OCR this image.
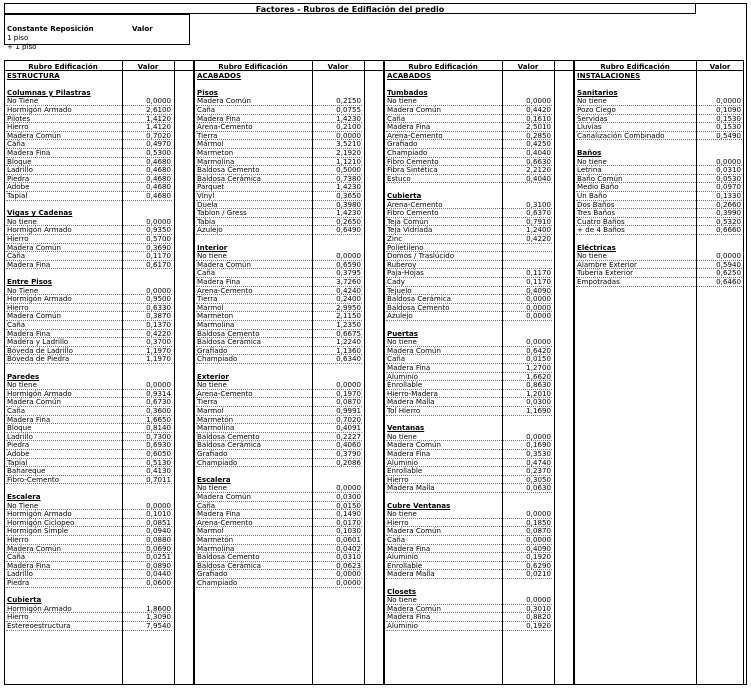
Factores - Rubros de Edifiación del predio
Constante Reposición	Valor
1 piso
+ 1 piso
Rubro Edificación	Valor
ESTRUCTURA
Columnas y Pilastras
No Tiene	0,0000
Hormigón Armado	2,6100
Pilotes	1,4120
Hierro	1,4120
Madera Común	0,7020
Caña	0,4970
Madera Fina	0,5300
Bloque	0,4680
Ladrillo	0,4680
Piedra	0,4680
Adobe	0,4680
Tapial	0,4680
Vigas y Cadenas
No tiene	0,0000
Hormigón Armado	0,9350
Hierro	0,5700
Madera Común	0,3690
Caña	0,1170
Madera Fina	0,6170
Entre Pisos
No Tiene	0,0000
Hormigón Armado	0,9500
Hierro	0,6330
Madera Común	0,3870
Caña	0,1370
Madera Fina	0,4220
Madera y Ladrillo	0,3700
Bóveda de Ladrillo	1,1970
Bóveda de Piedra	1,1970
Paredes
No tiene	0,0000
Hormigón Armado	0,9314
Madera Común	0,6730
Caña	0,3600
Madera Fina	1,6650
Bloque	0,8140
Ladrillo	0,7300
Piedra	0,6930
Adobe	0,6050
Tapial	0,5130
Bahareque	0,4130
Fibro-Cemento	0,7011
Escalera
No Tiene	0,0000
Hormigón Armado	0,1010
Hormigón Ciclopeo	0,0851
Hormigón Simple	0,0940
Hierro	0,0880
Madera Común	0,0690
Caña	0,0251
Madera Fina	0,0890
Ladrillo	0,0440
Piedra	0,0600
Cubierta
Hormigón Armado	1,8600
Hierro	1,3090
Estereoestructura	7,9540
Rubro Edificación	Valor
ACABADOS
Pisos
Madera Común	0,2150
Caña	0,0755
Madera Fina	1,4230
Arena-Cemento	0,2100
Tierra	0,0000
Mármol	3,5210
Marmeton	2,1920
Marmolina	1,1210
Baldosa Cemento	0,5000
Baldosa Cerámica	0,7380
Parquet	1,4230
Vinyl	0,3650
Duela	0,3980
Tablon / Gress	1,4230
Tabla	0,2650
Azulejo	0,6490
Interior
No tiene	0,0000
Madera Común	0,6590
Caña	0,3795
Madera Fina	3,7260
Arena-Cemento	0,4240
Tierra	0,2400
Marmol	2,9950
Marmeton	2,1150
Marmolina	1,2350
Baldosa Cemento	0,6675
Baldosa Cerámica	1,2240
Grafiado	1,1360
Champiado	0,6340
Exterior
No tiene	0,0000
Arena-Cemento	0,1970
Tierra	0,0870
Marmol	0,9991
Marmetón	0,7020
Marmolina	0,4091
Baldosa Cemento	0,2227
Baldosa Cerámica	0,4060
Grafiado	0,3790
Champiado	0,2086
Escalera
No tiene	0,0000
Madera Común	0,0300
Caña	0,0150
Madera Fina	0,1490
Arena-Cemento	0,0170
Marmol	0,1030
Marmetón	0,0601
Marmolina	0,0402
Baldosa Cemento	0,0310
Baldosa Cerámica	0,0623
Grafiado	0,0000
Champiado	0,0000
Rubro Edificación	Valor
ACABADOS
Tumbados
No tiene	0,0000
Madera Común	0,4420
Caña	0,1610
Madera Fina	2,5010
Arena-Cemento	0,2850
Grafiado	0,4250
Champiado	0,4040
Fibro Cemento	0,6630
Fibra Sintética	2,2120
Estuco	0,4040
Cubierta
Arena-Cemento	0,3100
Fibro Cemento	0,6370
Teja Común	0,7910
Teja Vidriada	1,2400
Zinc	0,4220
Polietileno
Domos / Traslúcido
Ruberoy
Paja-Hojas	0,1170
Cady	0,1170
Tejuelo	0,4090
Baldosa Cerámica	0,0000
Baldosa Cemento	0,0000
Azulejo	0,0000
Puertas
No tiene	0,0000
Madera Común	0,6420
Caña	0,0150
Madera Fina	1,2700
Aluminio	1,6620
Enrollable	0,8630
Hierro-Madera	1,2010
Madera Malla	0,0300
Tol Hierro	1,1690
Ventanas
No tiene	0,0000
Madera Común	0,1690
Madera Fina	0,3530
Aluminio	0,4740
Enrollable	0,2370
Hierro	0,3050
Madera Malla	0,0630
Cubre Ventanas
No tiene	0,0000
Hierro	0,1850
Madera Común	0,0870
Caña	0,0000
Madera Fina	0,4090
Aluminio	0,1920
Enrollable	0,6290
Madera Malla	0,0210
Closets
No tiene	0,0000
Madera Común	0,3010
Madera Fina	0,8820
Aluminio	0,1920
Rubro Edificación	Valor
INSTALACIONES
Sanitarios
No tiene	0,0000
Pozo Ciego	0,1090
Servidas	0,1530
Lluvias	0,1530
Canalización Combinado	0,5490
Baños
No tiene	0,0000
Letrina	0,0310
Baño Común	0,0530
Medio Baño	0,0970
Un Baño	0,1330
Dos Baños	0,2660
Tres Baños	0,3990
Cuatro Baños	0,5320
+ de 4 Baños	0,6660
Eléctricas
No tiene	0,0000
Alambre Exterior	0,5940
Tubería Exterior	0,6250
Empotradas	0,6460
